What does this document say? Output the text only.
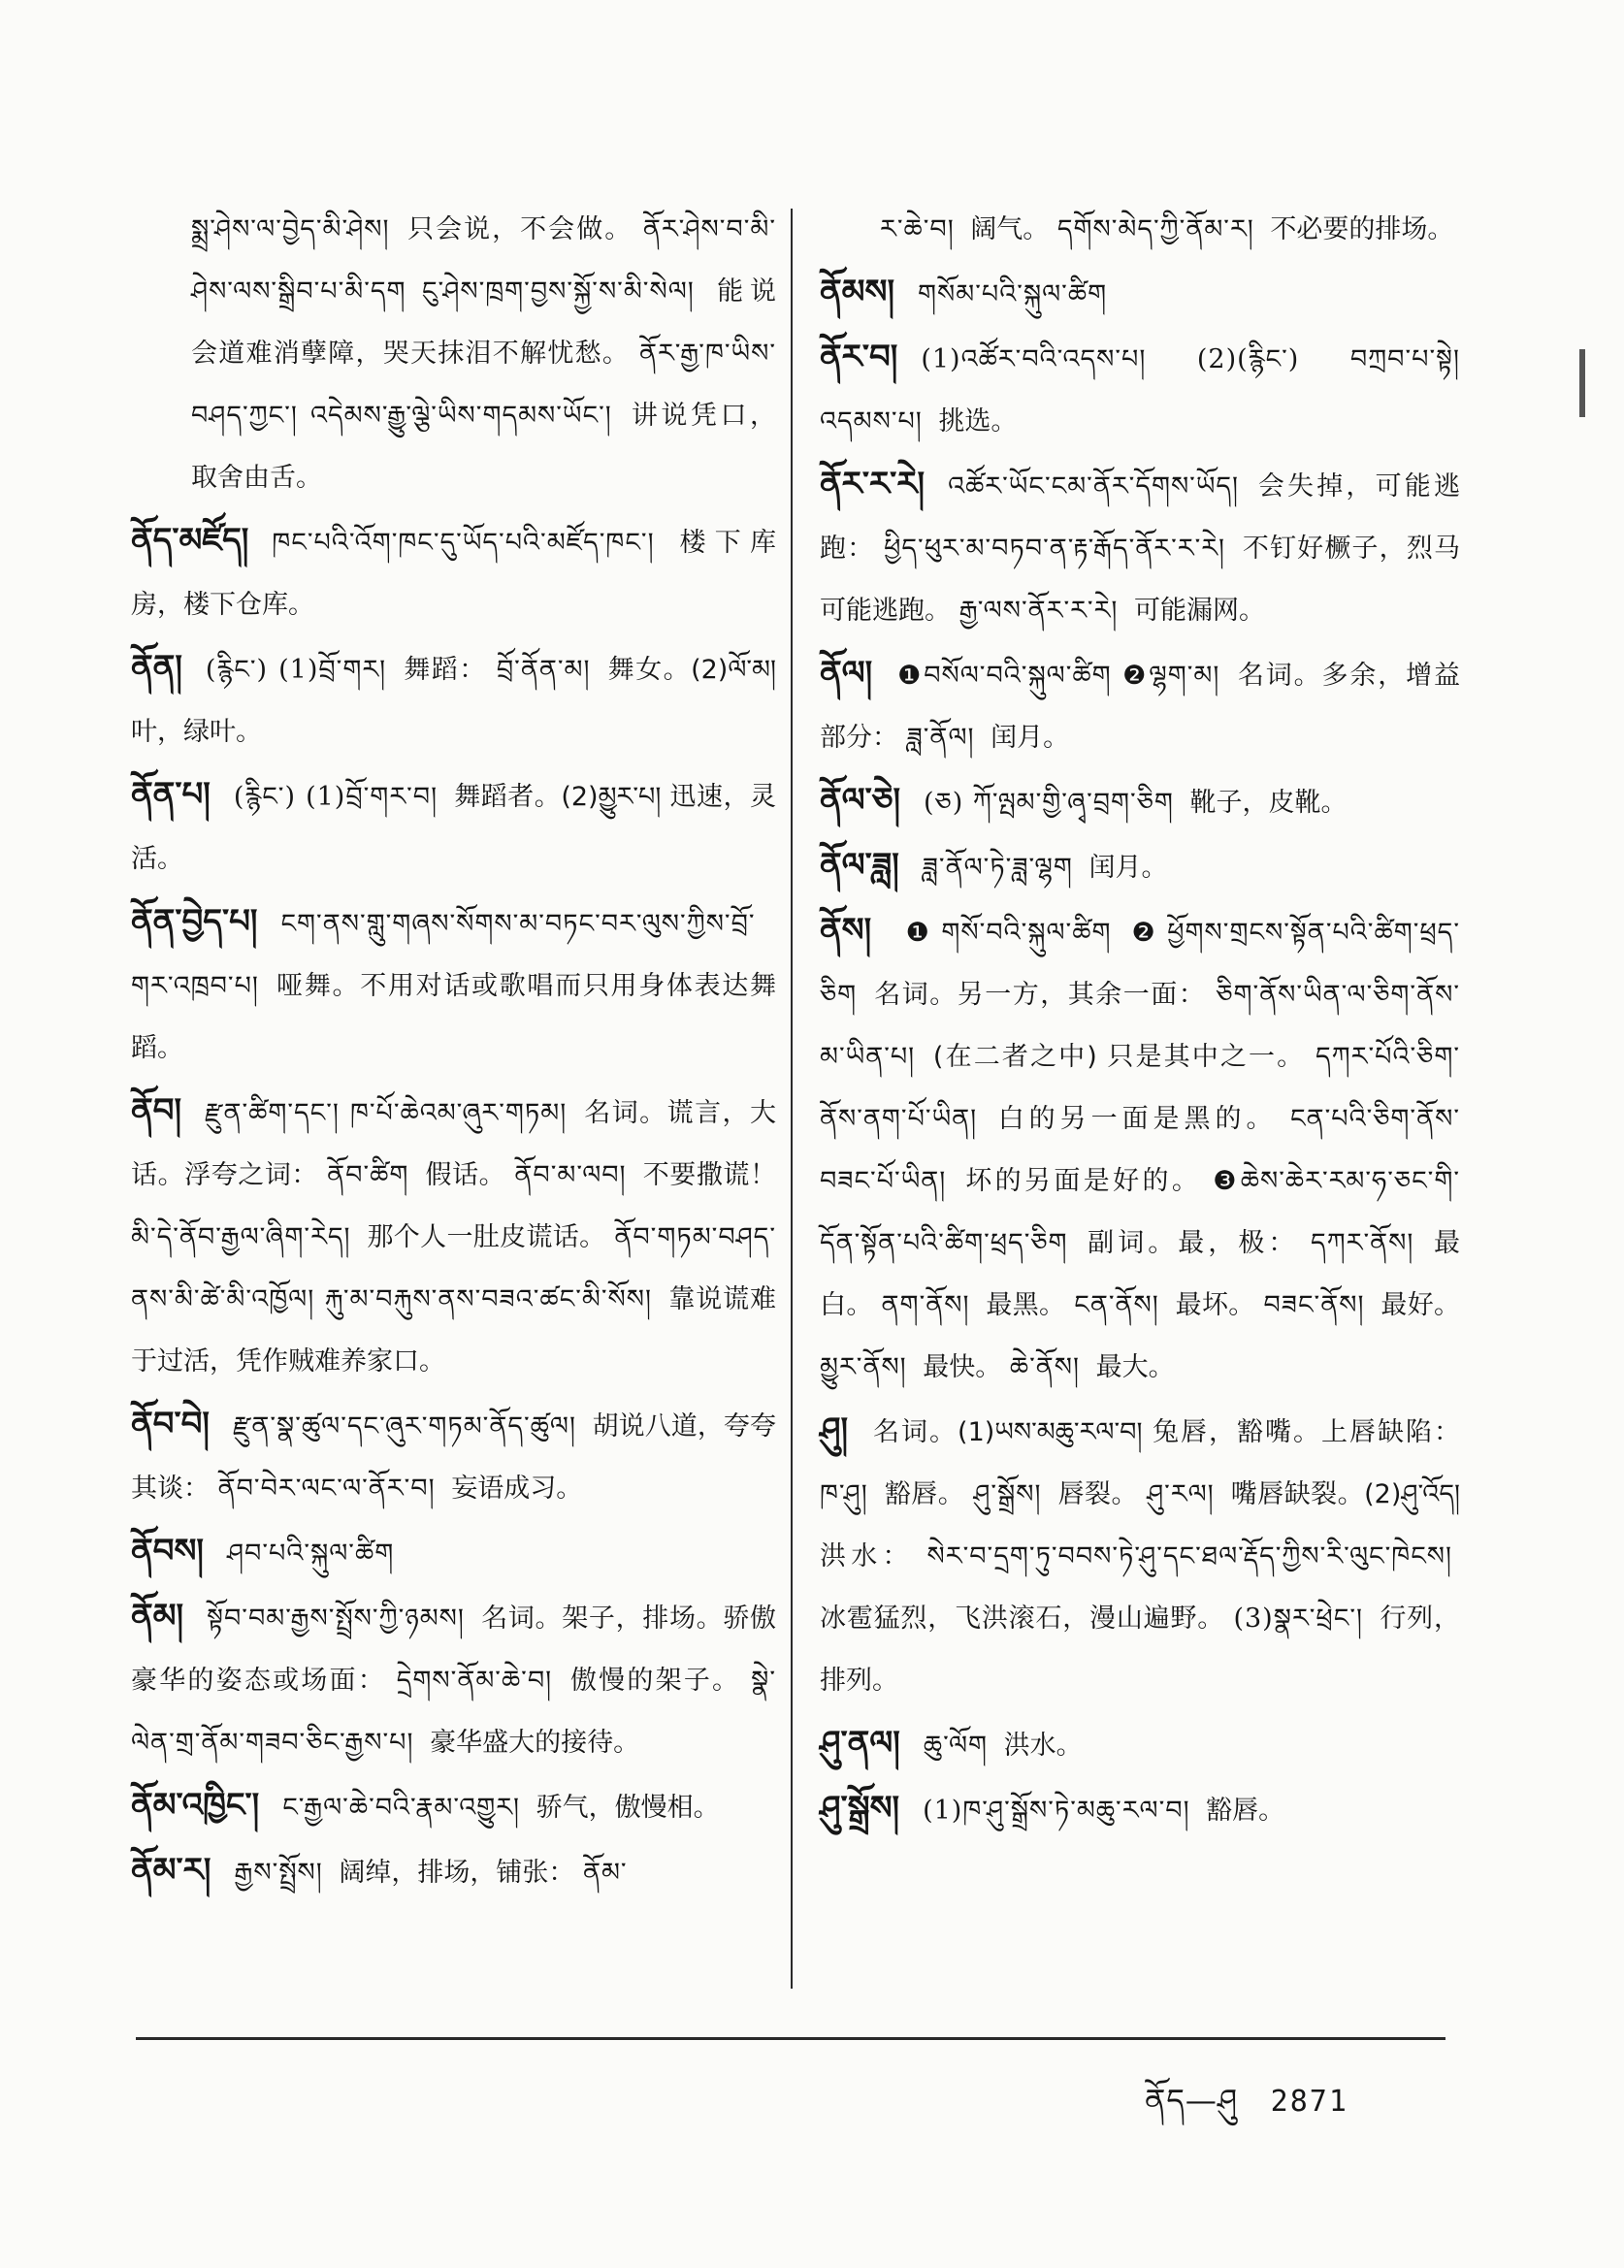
སྨྲ་ཤེས་ལ་བྱེད་མི་ཤེས། 只会说，不会做。 ནོར་ཤེས་བ་མི་ཤེས་ལས་སྒྲིབ་པ་མི་དག ངུ་ཤེས་ཁྲག་བྱས་སྐྱོ་ས་མི་སེལ། 能说会道难消孽障，哭天抹泪不解忧愁。 ནོར་རྒྱ་ཁ་ཡིས་བཤད་ཀྱང་། འདེམས་རྒྱུ་ལྕེ་ཡིས་གདམས་ཡོང་། 讲说凭口，取舍由舌。
ནོད་མཛོད། ཁང་པའི་འོག་ཁང་དུ་ཡོད་པའི་མཛོད་ཁང་། 楼下库房，楼下仓库。
ནོན། (རྙིང་) (1)བྲོ་གར། 舞蹈： བྲོ་ནོན་མ། 舞女。(2)ལོ་མ། 叶，绿叶。
ནོན་པ། (རྙིང་) (1)བྲོ་གར་བ། 舞蹈者。(2)མྱུར་པ། 迅速，灵活。
ནོན་བྱེད་པ། ངག་ནས་གླུ་གཞས་སོགས་མ་བཏང་བར་ལུས་ཀྱིས་བྲོ་གར་འཁྲབ་པ། 哑舞。不用对话或歌唱而只用身体表达舞蹈。
ནོབ། རྫུན་ཚིག་དང་། ཁ་པོ་ཆེའམ་ཞུར་གཏམ། 名词。谎言，大话。浮夸之词： ནོབ་ཚིག 假话。 ནོབ་མ་ལབ། 不要撒谎！ མི་དེ་ནོབ་རྒྱལ་ཞིག་རེད། 那个人一肚皮谎话。 ནོབ་གཏམ་བཤད་ནས་མི་ཚེ་མི་འཁྱོལ། རྐུ་མ་བརྐུས་ནས་བཟའ་ཚང་མི་སོས། 靠说谎难于过活，凭作贼难养家口。
ནོབ་བེ། རྫུན་སྣ་ཚུལ་དང་ཞུར་གཏམ་ནོད་ཚུལ། 胡说八道，夸夸其谈： ནོབ་བེར་ལང་ལ་ནོར་བ། 妄语成习。
ནོབས། ཤབ་པའི་སྐུལ་ཚིག
ནོམ། སྟོབ་བམ་རྒྱས་སྤྲོས་ཀྱི་ཉམས། 名词。架子，排场。骄傲豪华的姿态或场面： དྲེགས་ནོམ་ཆེ་བ། 傲慢的架子。 སྣེ་ལེན་གྲ་ནོམ་གཟབ་ཅིང་རྒྱས་པ། 豪华盛大的接待。
ནོམ་འཁྱིང་། ང་རྒྱལ་ཆེ་བའི་རྣམ་འགྱུར། 骄气，傲慢相。
ནོམ་ར། རྒྱས་སྤྲོས། 阔绰，排场，铺张： ནོམ་
ར་ཆེ་བ། 阔气。 དགོས་མེད་ཀྱི་ནོམ་ར། 不必要的排场。
ནོམས། གསོམ་པའི་སྐུལ་ཚིག
ནོར་བ། (1)འཚོར་བའི་འདས་པ། (2)(རྙིང་) བཀྲབ་པ་སྟེ། འདམས་པ། 挑选。
ནོར་ར་རེ། འཚོར་ཡོང་ངམ་ནོར་དོགས་ཡོད། 会失掉，可能逃跑： ཕྱིད་ཕུར་མ་བཏབ་ན་རྟ་རྒོད་ནོར་ར་རེ། 不钉好橛子，烈马可能逃跑。 རྒྱ་ལས་ནོར་ར་རེ། 可能漏网。
ནོལ། ❶བསོལ་བའི་སྐུལ་ཚིག ❷ལྷག་མ། 名词。多余，增益部分： ཟླ་ནོལ། 闰月。
ནོལ་ཅེ། (ཅ) ཀོ་ལྤམ་གྱི་ཞྭ་བྲག་ཅིག 靴子，皮靴。
ནོལ་ཟླ། ཟླ་ནོལ་ཏེ་ཟླ་ལྷག 闰月。
ནོས། ❶གསོ་བའི་སྐུལ་ཚིག ❷ཕྱོགས་གྲངས་སྟོན་པའི་ཚིག་ཕྲད་ཅིག 名词。另一方，其余一面： ཅིག་ནོས་ཡིན་ལ་ཅིག་ནོས་མ་ཡིན་པ། (在二者之中) 只是其中之一。 དཀར་པོའི་ཅིག་ནོས་ནག་པོ་ཡིན། 白的另一面是黑的。 ངན་པའི་ཅིག་ནོས་བཟང་པོ་ཡིན། 坏的另面是好的。 ❸ཆེས་ཆེར་རམ་ཧ་ཅང་གི་དོན་སྟོན་པའི་ཚིག་ཕྲད་ཅིག 副词。最，极： དཀར་ནོས། 最白。 ནག་ནོས། 最黑。 ངན་ནོས། 最坏。 བཟང་ནོས། 最好。 མྱུར་ནོས། 最快。 ཆེ་ནོས། 最大。
ཤུ། 名词。(1)ཡས་མཆུ་རལ་བ། 兔唇，豁嘴。上唇缺陷： ཁ་ཤུ། 豁唇。 ཤུ་སྒྲོས། 唇裂。 ཤུ་རལ། 嘴唇缺裂。(2)ཤུ་འོད། 洪水： སེར་བ་དྲག་ཏུ་བབས་ཏེ་ཤུ་དང་ཐལ་རྡོད་ཀྱིས་རི་ལུང་ཁེངས། 冰雹猛烈，飞洪滚石，漫山遍野。 (3)སྣར་ཕྲེང་། 行列，排列。
ཤུ་ནལ། ཆུ་ལོག 洪水。
ཤུ་སྒྲོས། (1)ཁ་ཤུ་སྒྲོས་ཏེ་མཆུ་རལ་བ། 豁唇。
ནོད—ཤུ 2871
